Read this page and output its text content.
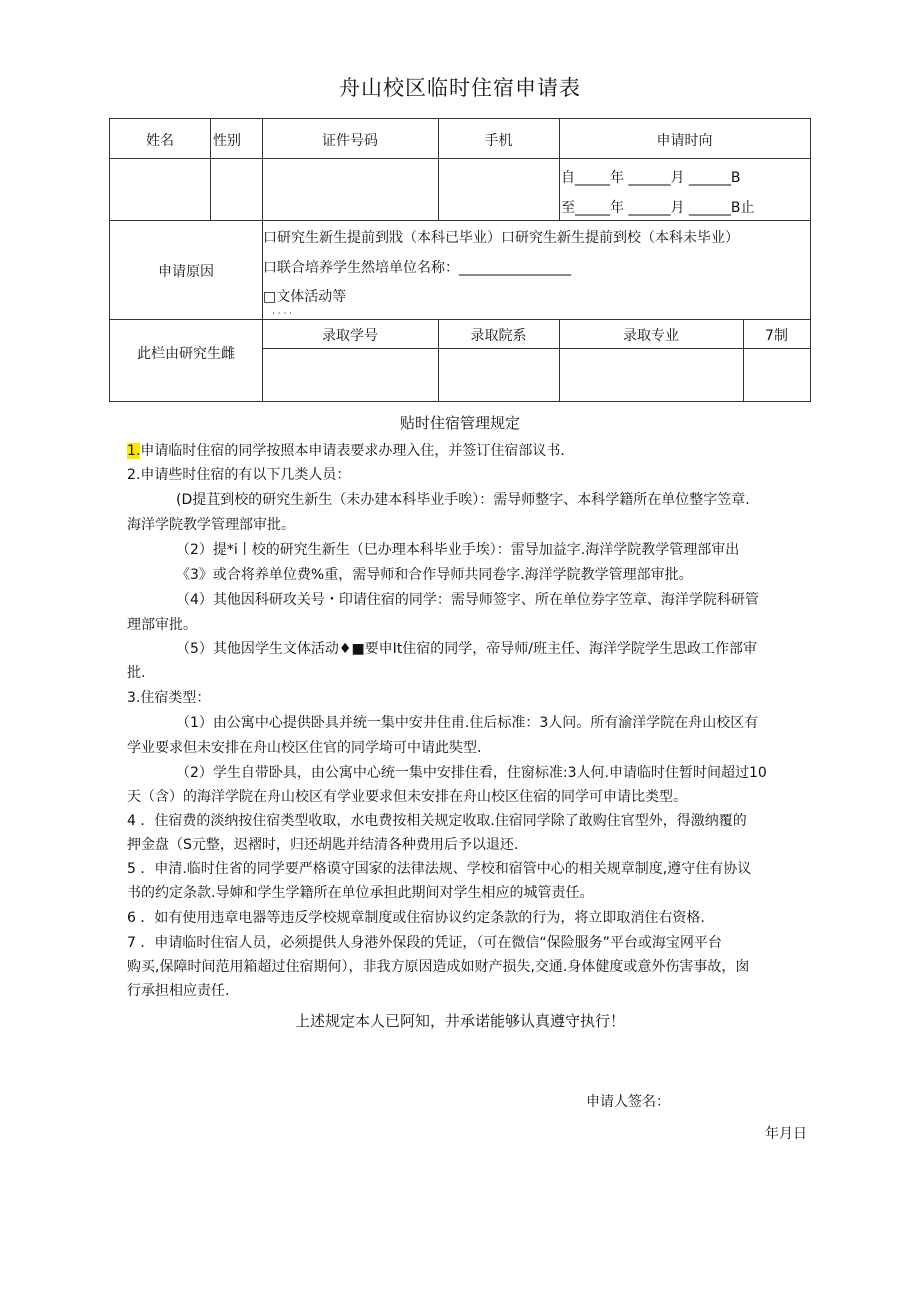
舟山校区临时住宿申请表
姓名	性别	证件号码	手机	申请时向
自_____年 ______月 ______B
至_____年 ______月 ______B止
申请原因
口研究生新生提前到戕（本科已毕业）口研究生新生提前到校（本科未毕业）
口联合培养学生然培单位名称：________________
□文体活动等
· · · ·
此栏由研究生雌
录取学号	录取院系	录取专业	7制
贴时住宿管理规定
1.申请临时住宿的同学按照本申请表要求办理入住，并签订住宿部议书.
2.申请些时住宿的有以下几类人员：
(D提苴到校的研究生新生（未办建本科毕业手唉）：需导师整字、本科学籍所在单位整字笠章.
海洋学院教学管理部审批。
（2）提*i丨校的研究生新生（巳办理本科毕业手埃）：雷导加益字.海洋学院教学管理部审出
《3》或合将养单位费%重，需导师和合作导师共同卷字.海洋学院教学管理部审批。
（4）其他因科研攻关号・印请住宿的同学：需导师签字、所在单位券字笠章、海洋学院科研管
理部审批。
（5）其他因学生文体活动♦■要申It住宿的同学，帝导师/班主任、海洋学院学生思政工作部审
批.
3.住宿类型：
（1）由公寓中心提供卧具并统一集中安井住甫.住后标准：3人问。所有渝洋学院在舟山校区有
学业要求但未安排在舟山校区住官的同学埼可中请此奘型.
（2）学生自带卧具，由公寓中心统一集中安排住看，住窗标准:3人何.申请临时住暂时间超过10
天（含）的海洋学院在舟山校区有学业要求但未安排在舟山校区住宿的同学可申请比类型。
4 ．住宿费的淡纳按住宿类型收取，水电费按相关规定收取.住宿同学除了敢购住官型外，得激纳覆的
押金盘（S元整，迟褶时，归还胡匙并结清各种费用后予以退还.
5 ．申清.临时住省的同学要严格谟守国家的法律法规、学校和宿管中心的相关规章制度,遵守住有协议
书的约定条款.导婶和学生学籍所在单位承担此期间对学生相应的城管责任。
6 ．如有使用违章电器等违反学校规章制度或住宿协议约定条款的行为，将立即取消住右资格.
7 ．申请临时住宿人员，必须提供人身港外保段的凭证，（可在微信“保险服务”平台或海宝网平台
购买,保障时间范用箱超过住宿期何），非我方原因造成如财产损失,交通.身体健度或意外伤害事故，囱
行承担相应责任.
上述规定本人已阿知，井承诺能够认真遵守执行！
申请人签名：
年月日
